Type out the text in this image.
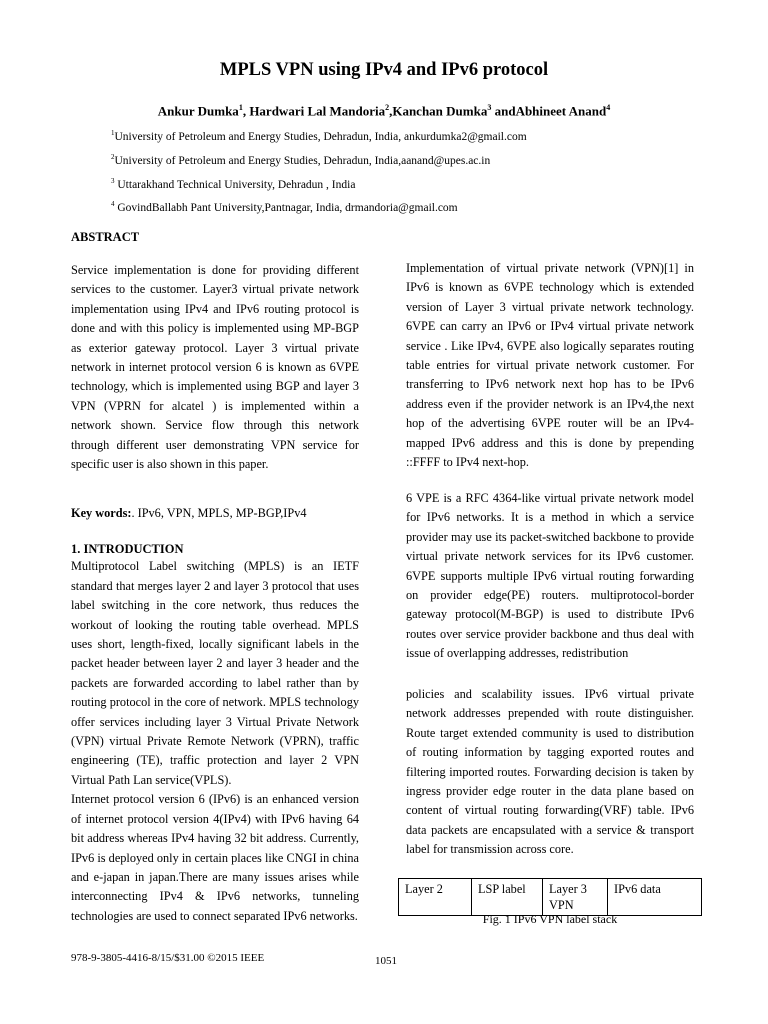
MPLS VPN using IPv4 and IPv6 protocol
Ankur Dumka$^1$, Hardwari Lal Mandoria$^2$,Kanchan Dumka$^3$ andAbhineet Anand$^4$
$^1$University of Petroleum and Energy Studies, Dehradun, India, ankurdumka2@gmail.com
$^2$University of Petroleum and Energy Studies, Dehradun, India,aanand@upes.ac.in
$^3$ Uttarakhand Technical University, Dehradun , India
$^4$ GovindBallabh Pant University,Pantnagar, India, drmandoria@gmail.com

ABSTRACT

Service implementation is done for providing different services to the customer. Layer3 virtual private network implementation using IPv4 and IPv6 routing protocol is done and with this policy is implemented using MP-BGP as exterior gateway protocol. Layer 3 virtual private network in internet protocol version 6 is known as 6VPE technology, which is implemented using BGP and layer 3 VPN (VPRN for alcatel ) is implemented within a network shown. Service flow through this network through different user demonstrating VPN service for specific user is also shown in this paper.

Key words:. IPv6, VPN, MPLS, MP-BGP,IPv4

1. INTRODUCTION

Multiprotocol Label switching (MPLS) is an IETF standard that merges layer 2 and layer 3 protocol that uses label switching in the core network, thus reduces the workout of looking the routing table overhead. MPLS uses short, length-fixed, locally significant labels in the packet header between layer 2 and layer 3 header and the packets are forwarded according to label rather than by routing protocol in the core of network. MPLS technology offer services including layer 3 Virtual Private Network (VPN) virtual Private Remote Network (VPRN), traffic engineering (TE), traffic protection and layer 2 VPN Virtual Path Lan service(VPLS).

Internet protocol version 6 (IPv6) is an enhanced version of internet protocol version 4(IPv4) with IPv6 having 64 bit address whereas IPv4 having 32 bit address. Currently, IPv6 is deployed only in certain places like CNGI in china and e-japan in japan.There are many issues arises while interconnecting IPv4 & IPv6 networks, tunneling technologies are used to connect separated IPv6 networks.

Implementation of virtual private network (VPN)[1] in IPv6 is known as 6VPE technology which is extended version of Layer 3 virtual private network technology. 6VPE can carry an IPv6 or IPv4 virtual private network service . Like IPv4, 6VPE also logically separates routing table entries for virtual private network customer. For transferring to IPv6 network next hop has to be IPv6 address even if the provider network is an IPv4,the next hop of the advertising 6VPE router will be an IPv4-mapped IPv6 address and this is done by prepending ::FFFF to IPv4 next-hop.

6 VPE is a RFC 4364-like virtual private network model for IPv6 networks. It is a method in which a service provider may use its packet-switched backbone to provide virtual private network services for its IPv6 customer. 6VPE supports multiple IPv6 virtual routing forwarding on provider edge(PE) routers. multiprotocol-border gateway protocol(M-BGP) is used to distribute IPv6 routes over service provider backbone and thus deal with issue of overlapping addresses, redistribution

policies and scalability issues. IPv6 virtual private network addresses prepended with route distinguisher. Route target extended community is used to distribution of routing information by tagging exported routes and filtering imported routes. Forwarding decision is taken by ingress provider edge router in the data plane based on content of virtual routing forwarding(VRF) table. IPv6 data packets are encapsulated with a service & transport label for transmission across core.

Layer 2	LSP label	Layer 3 VPN	IPv6 data
Fig. 1 IPv6 VPN label stack
978-9-3805-4416-8/15/$31.00 ©2015 IEEE	1051
